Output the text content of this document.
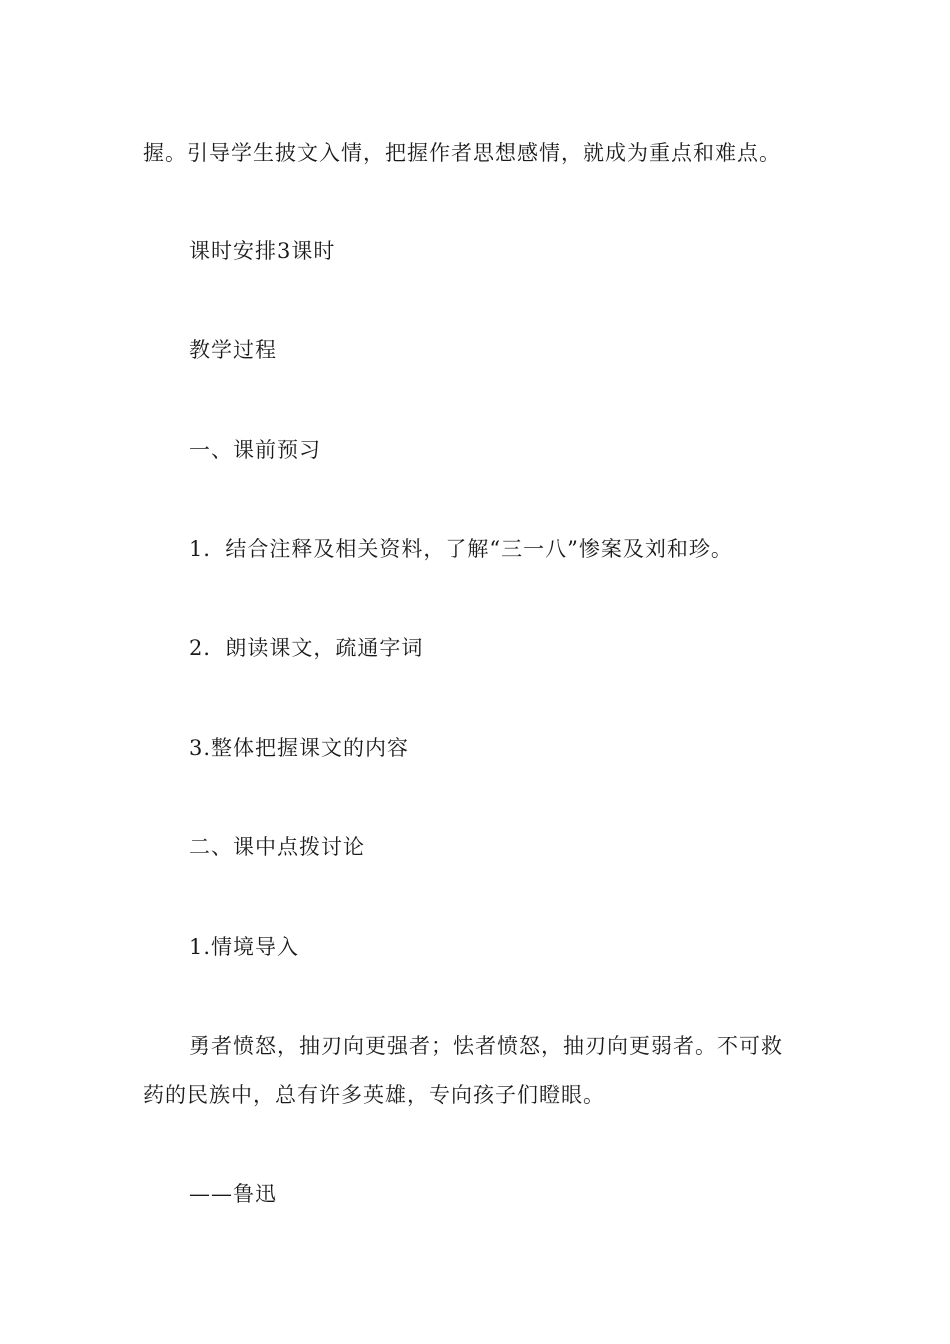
握。引导学生披文入情，把握作者思想感情，就成为重点和难点。
课时安排3课时
教学过程
一、课前预习
1．结合注释及相关资料，了解“三一八”惨案及刘和珍。
2．朗读课文，疏通字词
3.整体把握课文的内容
二、课中点拨讨论
1.情境导入
勇者愤怒，抽刃向更强者；怯者愤怒，抽刃向更弱者。不可救
药的民族中，总有许多英雄，专向孩子们瞪眼。
——鲁迅
